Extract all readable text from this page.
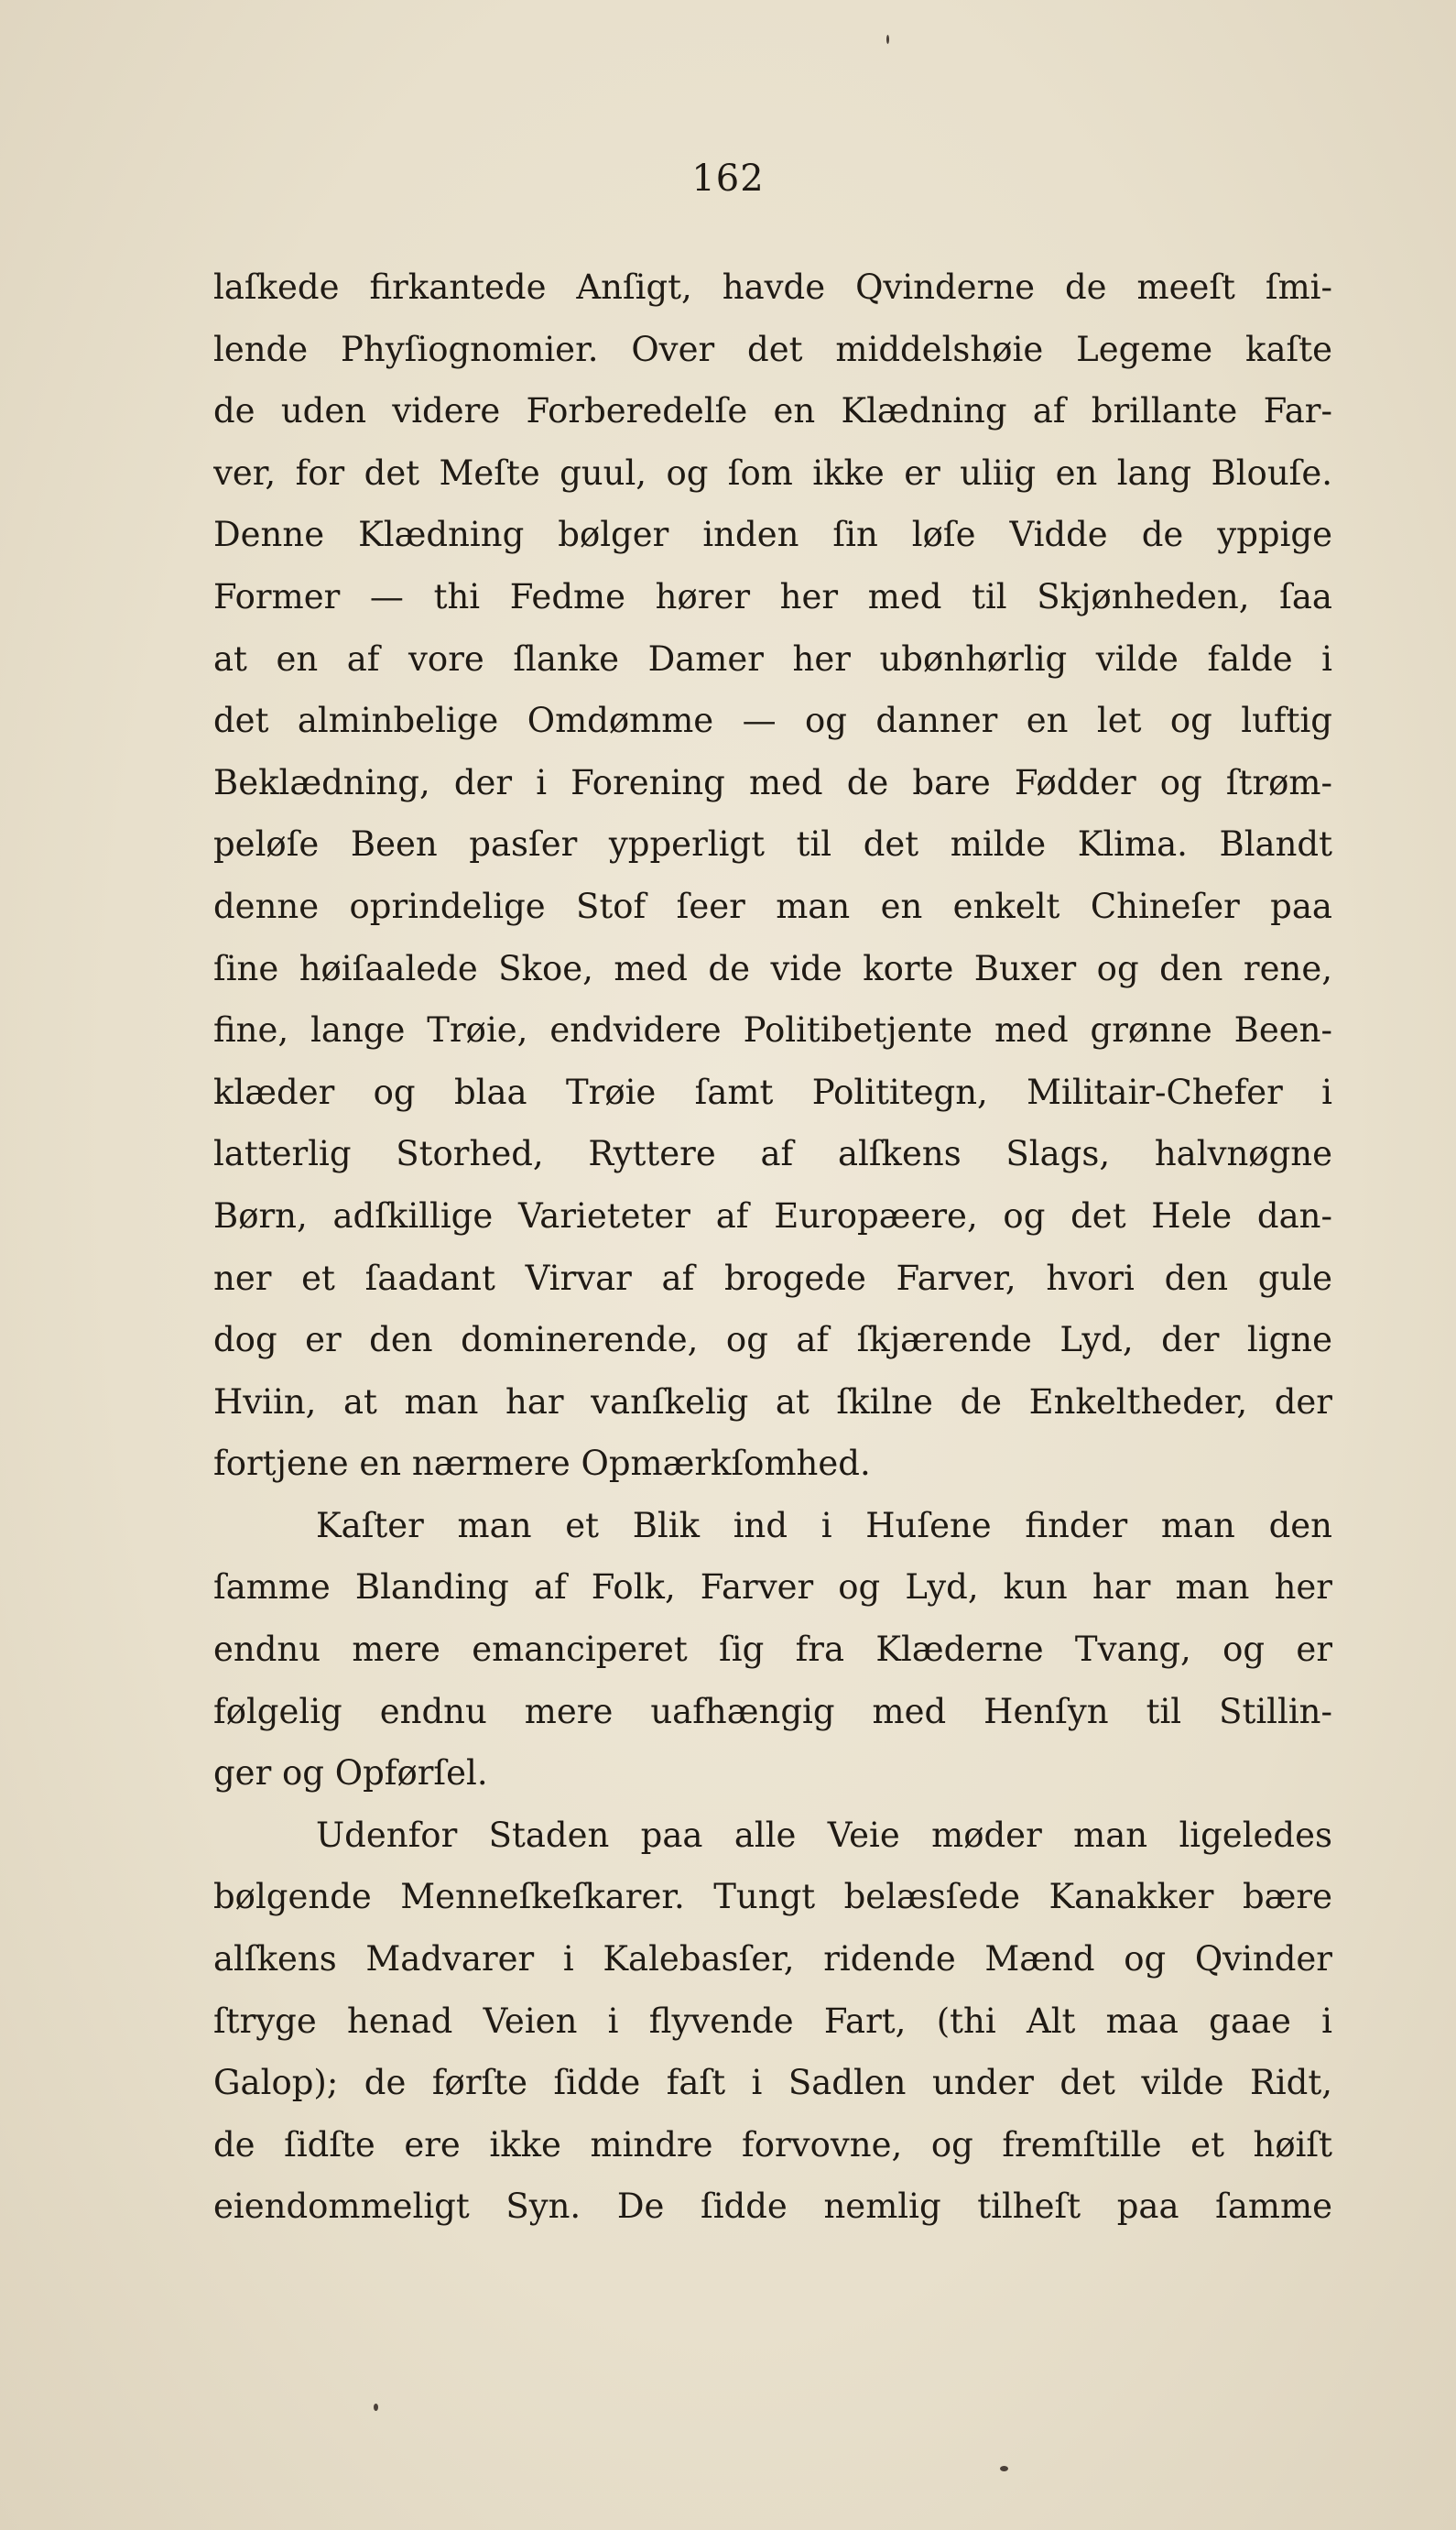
162
laſkede firkantede Anſigt, havde Qvinderne de meeſt ſmi-
lende Phyſiognomier. Over det middelshøie Legeme kaſte
de uden videre Forberedelſe en Klædning af brillante Far-
ver, for det Meſte guul, og ſom ikke er uliig en lang Blouſe.
Denne Klædning bølger inden ſin løſe Vidde de yppige
Former — thi Fedme hører her med til Skjønheden, ſaa
at en af vore ſlanke Damer her ubønhørlig vilde falde i
det alminbelige Omdømme — og danner en let og luftig
Beklædning, der i Forening med de bare Fødder og ſtrøm-
peløſe Been pasſer ypperligt til det milde Klima. Blandt
denne oprindelige Stof ſeer man en enkelt Chineſer paa
ſine høiſaalede Skoe, med de vide korte Buxer og den rene,
fine, lange Trøie, endvidere Politibetjente med grønne Been-
klæder og blaa Trøie ſamt Polititegn, Militair-Chefer i
latterlig Storhed, Ryttere af alſkens Slags, halvnøgne
Børn, adſkillige Varieteter af Europæere, og det Hele dan-
ner et ſaadant Virvar af brogede Farver, hvori den gule
dog er den dominerende, og af ſkjærende Lyd, der ligne
Hviin, at man har vanſkelig at ſkilne de Enkeltheder, der
fortjene en nærmere Opmærkſomhed.
Kaſter man et Blik ind i Huſene finder man den
ſamme Blanding af Folk, Farver og Lyd, kun har man her
endnu mere emanciperet ſig fra Klæderne Tvang, og er
følgelig endnu mere uafhængig med Henſyn til Stillin-
ger og Opførſel.
Udenfor Staden paa alle Veie møder man ligeledes
bølgende Menneſkeſkarer. Tungt belæsſede Kanakker bære
alſkens Madvarer i Kalebasſer, ridende Mænd og Qvinder
ſtryge henad Veien i flyvende Fart, (thi Alt maa gaae i
Galop); de førſte ſidde faſt i Sadlen under det vilde Ridt,
de ſidſte ere ikke mindre forvovne, og fremſtille et høiſt
eiendommeligt Syn. De ſidde nemlig tilheſt paa ſamme
